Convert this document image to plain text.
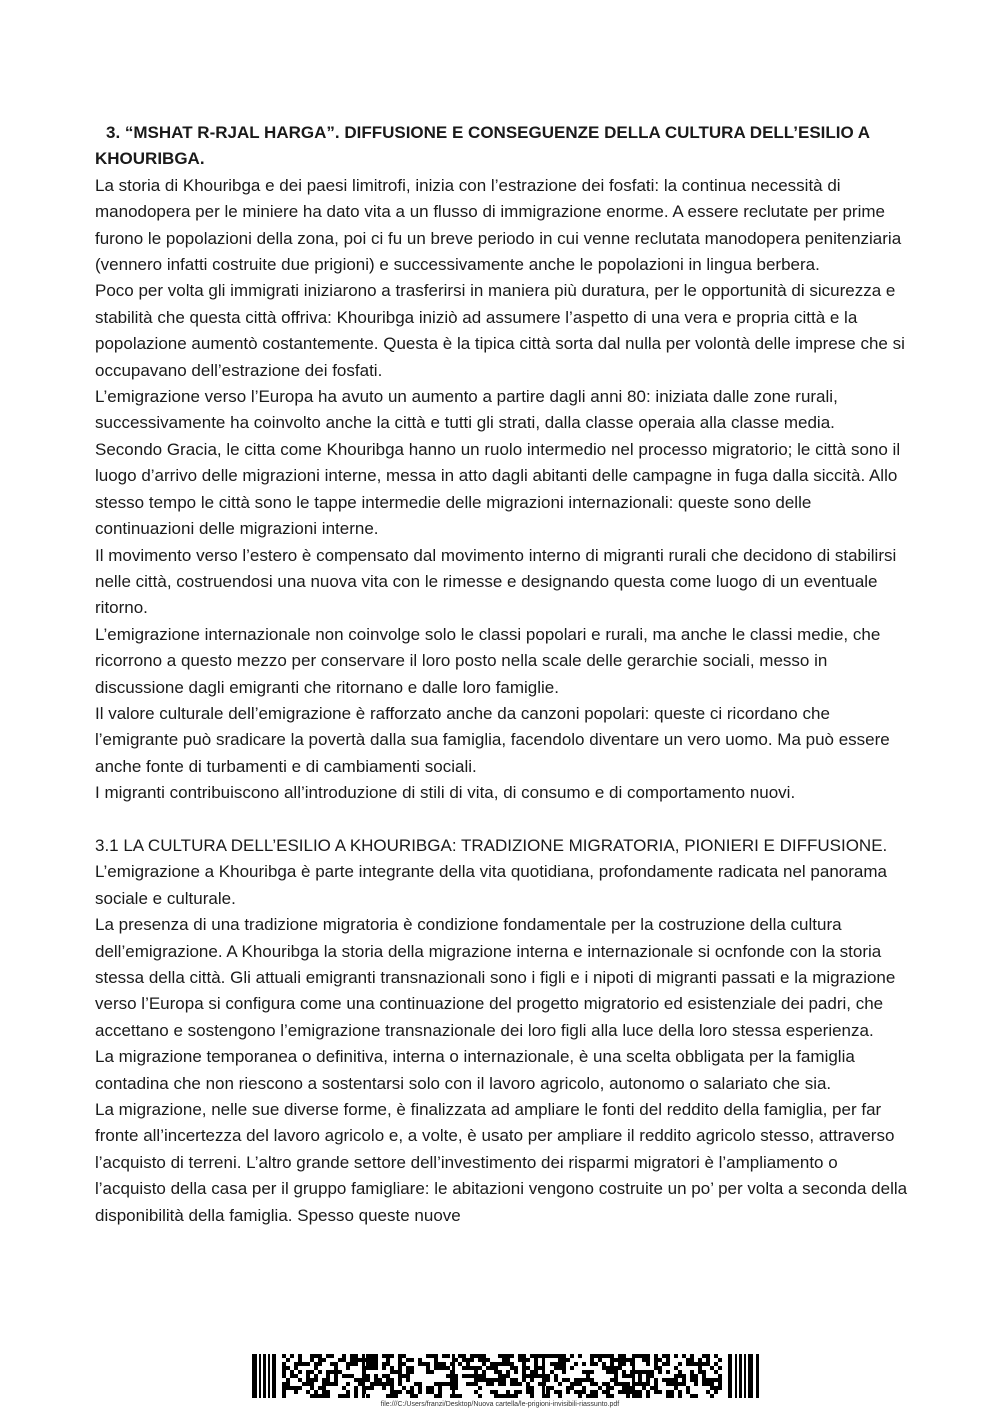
3. “MSHAT R-RJAL HARGA”. DIFFUSIONE E CONSEGUENZE DELLA CULTURA DELL’ESILIO A KHOURIBGA.

La storia di Khouribga e dei paesi limitrofi, inizia con l’estrazione dei fosfati: la continua necessità di manodopera per le miniere ha dato vita a un flusso di immigrazione enorme. A essere reclutate per prime furono le popolazioni della zona, poi ci fu un breve periodo in cui venne reclutata manodopera penitenziaria (vennero infatti costruite due prigioni) e successivamente anche le popolazioni in lingua berbera.

Poco per volta gli immigrati iniziarono a trasferirsi in maniera più duratura, per le opportunità di sicurezza e stabilità che questa città offriva: Khouribga iniziò ad assumere l’aspetto di una vera e propria città e la popolazione aumentò costantemente. Questa è la tipica città sorta dal nulla per volontà delle imprese che si occupavano dell’estrazione dei fosfati.

L’emigrazione verso l’Europa ha avuto un aumento a partire dagli anni 80: iniziata dalle zone rurali, successivamente ha coinvolto anche la città e tutti gli strati, dalla classe operaia alla classe media.

Secondo Gracia, le citta come Khouribga hanno un ruolo intermedio nel processo migratorio; le città sono il luogo d’arrivo delle migrazioni interne, messa in atto dagli abitanti delle campagne in fuga dalla siccità. Allo stesso tempo le città sono le tappe intermedie delle migrazioni internazionali: queste sono delle continuazioni delle migrazioni interne.

Il movimento verso l’estero è compensato dal movimento interno di migranti rurali che decidono di stabilirsi nelle città, costruendosi una nuova vita con le rimesse e designando questa come luogo di un eventuale ritorno.

L’emigrazione internazionale non coinvolge solo le classi popolari e rurali, ma anche le classi medie, che ricorrono a questo mezzo per conservare il loro posto nella scale delle gerarchie sociali, messo in discussione dagli emigranti che ritornano e dalle loro famiglie.

Il valore culturale dell’emigrazione è rafforzato anche da canzoni popolari: queste ci ricordano che l’emigrante può sradicare la povertà dalla sua famiglia, facendolo diventare un vero uomo. Ma può essere anche fonte di turbamenti e di cambiamenti sociali.

I migranti contribuiscono all’introduzione di stili di vita, di consumo e di comportamento nuovi.

3.1 LA CULTURA DELL’ESILIO A KHOURIBGA: TRADIZIONE MIGRATORIA, PIONIERI E DIFFUSIONE.

L’emigrazione a Khouribga è parte integrante della vita quotidiana, profondamente radicata nel panorama sociale e culturale.

La presenza di una tradizione migratoria è condizione fondamentale per la costruzione della cultura dell’emigrazione. A Khouribga la storia della migrazione interna e internazionale si ocnfonde con la storia stessa della città. Gli attuali emigranti transnazionali sono i figli e i nipoti di migranti passati e la migrazione verso l’Europa si configura come una continuazione del progetto migratorio ed esistenziale dei padri, che accettano e sostengono l’emigrazione transnazionale dei loro figli alla luce della loro stessa esperienza.

La migrazione temporanea o definitiva, interna o internazionale, è una scelta obbligata per la famiglia contadina che non riescono a sostentarsi solo con il lavoro agricolo, autonomo o salariato che sia.

La migrazione, nelle sue diverse forme, è finalizzata ad ampliare le fonti del reddito della famiglia, per far fronte all’incertezza del lavoro agricolo e, a volte, è usato per ampliare il reddito agricolo stesso, attraverso l’acquisto di terreni. L’altro grande settore dell’investimento dei risparmi migratori è l’ampliamento o l’acquisto della casa per il gruppo famigliare: le abitazioni vengono costruite un po’ per volta a seconda della disponibilità della famiglia. Spesso queste nuove

file:///C:/Users/franzi/Desktop/Nuova cartella/le-prigioni-invisibili-riassunto.pdf
